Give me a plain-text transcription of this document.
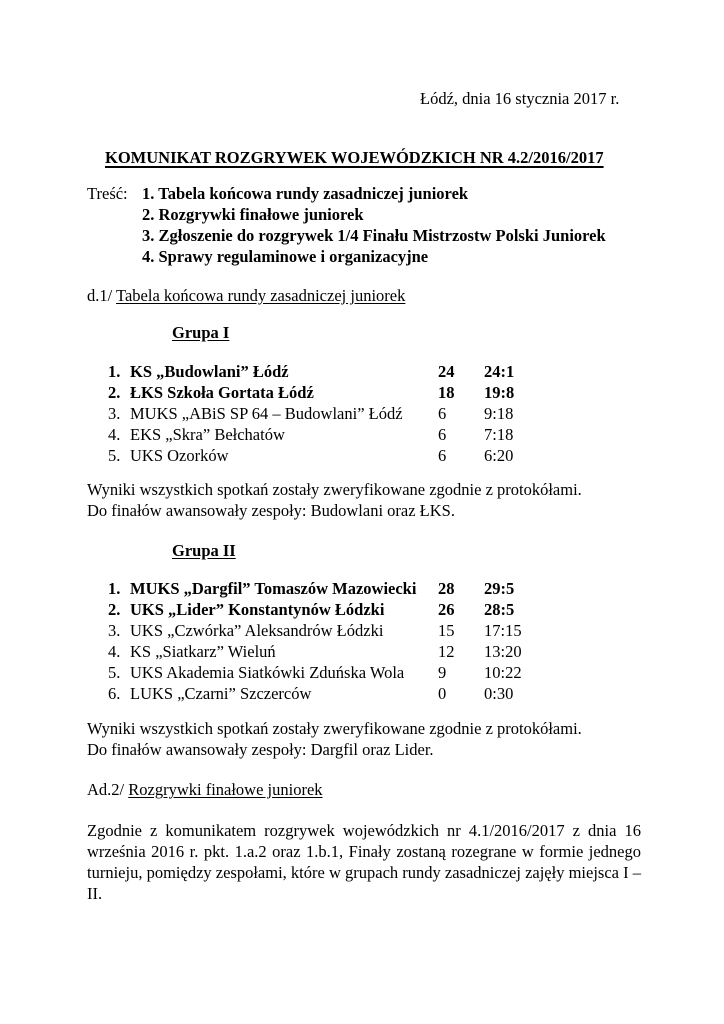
Łódź, dnia 16 stycznia 2017 r.
KOMUNIKAT ROZGRYWEK WOJEWÓDZKICH NR 4.2/2016/2017
Treść: 1. Tabela końcowa rundy zasadniczej juniorek
2. Rozgrywki finałowe juniorek
3. Zgłoszenie do rozgrywek 1/4 Finału Mistrzostw Polski Juniorek
4. Sprawy regulaminowe i organizacyjne
d.1/ Tabela końcowa rundy zasadniczej juniorek
Grupa I
1. KS „Budowlani” Łódź	24 24:1
2. ŁKS Szkoła Gortata Łódź	18 19:8
3. MUKS „ABiS SP 64 – Budowlani” Łódź 6 9:18
4. EKS „Skra” Bełchatów	6 7:18
5. UKS Ozorków	6 6:20
Wyniki wszystkich spotkań zostały zweryfikowane zgodnie z protokółami.
Do finałów awansowały zespoły: Budowlani oraz ŁKS.
Grupa II
1. MUKS „Dargfil” Tomaszów Mazowiecki 28 29:5
2. UKS „Lider” Konstantynów Łódzki	26 28:5
3. UKS „Czwórka” Aleksandrów Łódzki	15 17:15
4. KS „Siatkarz” Wieluń	12 13:20
5. UKS Akademia Siatkówki Zduńska Wola 9 10:22
6. LUKS „Czarni” Szczerców	0 0:30
Wyniki wszystkich spotkań zostały zweryfikowane zgodnie z protokółami.
Do finałów awansowały zespoły: Dargfil oraz Lider.
Ad.2/ Rozgrywki finałowe juniorek
Zgodnie z komunikatem rozgrywek wojewódzkich nr 4.1/2016/2017 z dnia 16 września 2016 r. pkt. 1.a.2 oraz 1.b.1, Finały zostaną rozegrane w formie jednego turnieju, pomiędzy zespołami, które w grupach rundy zasadniczej zajęły miejsca I – II.
